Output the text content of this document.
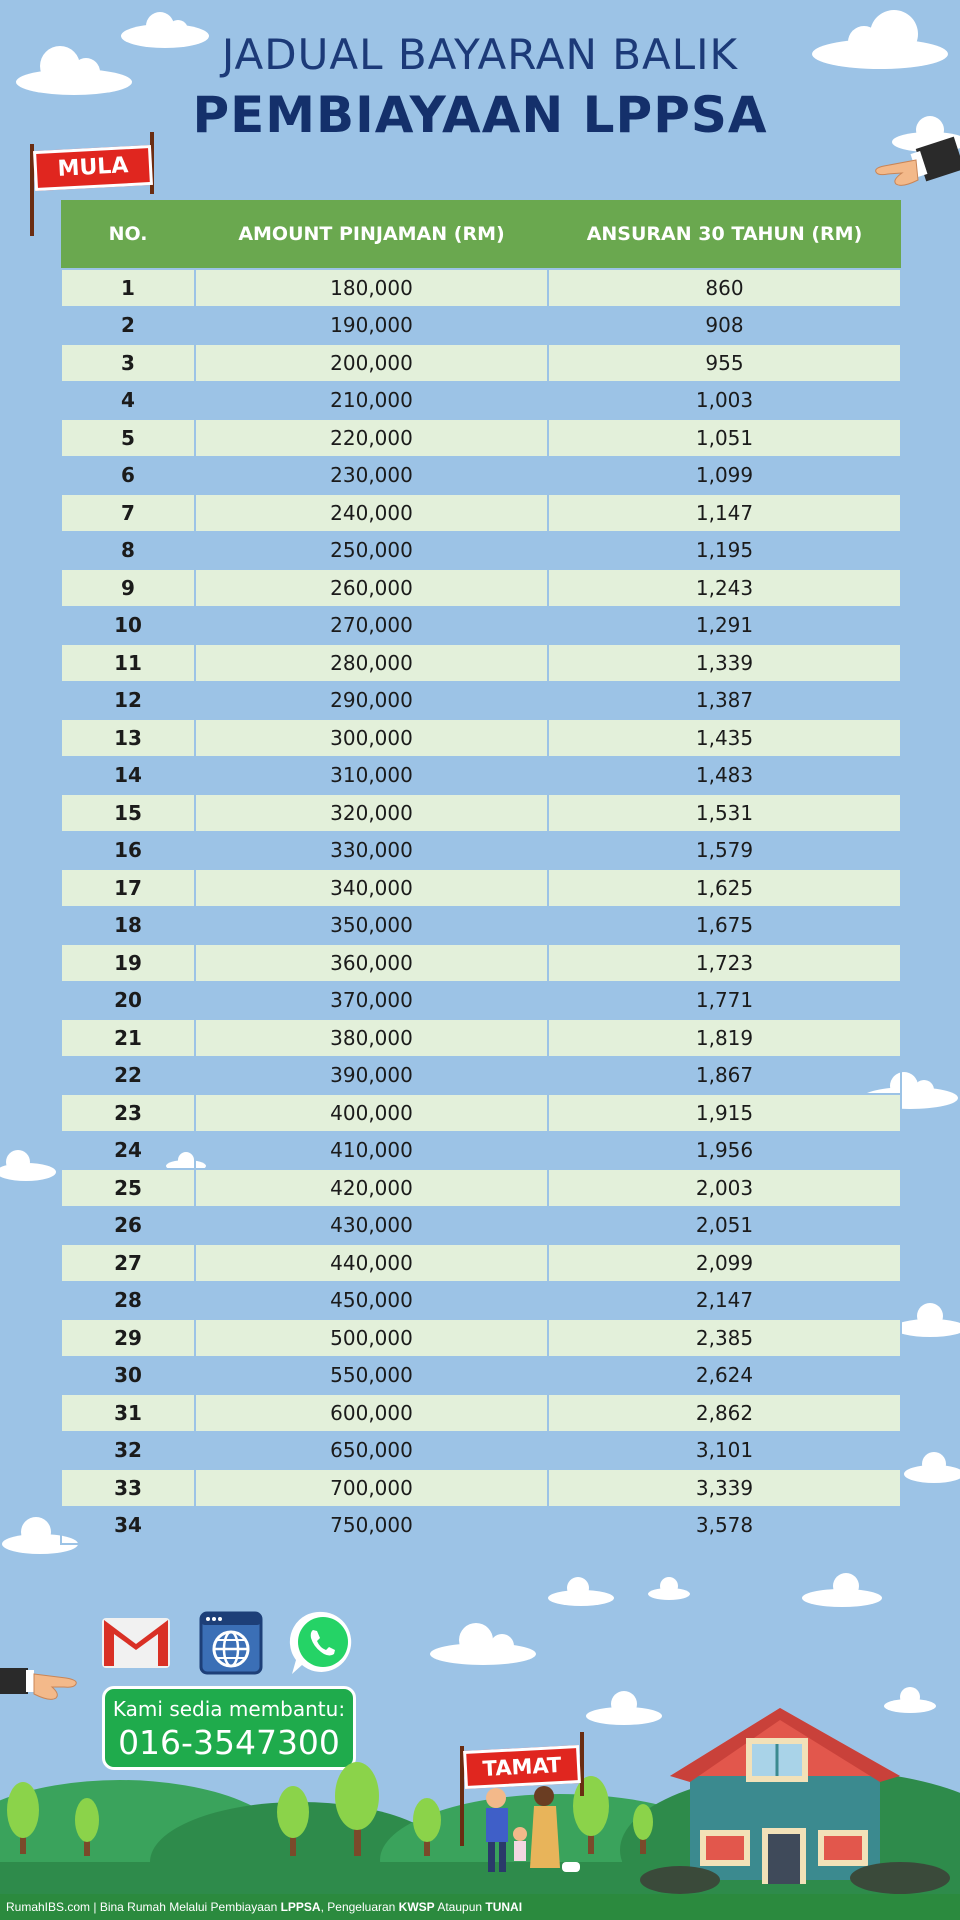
JADUAL BAYARAN BALIK
PEMBIAYAAN LPPSA
MULA
NO.	AMOUNT PINJAMAN (RM)	ANSURAN 30 TAHUN (RM)
1	180,000	860
2	190,000	908
3	200,000	955
4	210,000	1,003
5	220,000	1,051
6	230,000	1,099
7	240,000	1,147
8	250,000	1,195
9	260,000	1,243
10	270,000	1,291
11	280,000	1,339
12	290,000	1,387
13	300,000	1,435
14	310,000	1,483
15	320,000	1,531
16	330,000	1,579
17	340,000	1,625
18	350,000	1,675
19	360,000	1,723
20	370,000	1,771
21	380,000	1,819
22	390,000	1,867
23	400,000	1,915
24	410,000	1,956
25	420,000	2,003
26	430,000	2,051
27	440,000	2,099
28	450,000	2,147
29	500,000	2,385
30	550,000	2,624
31	600,000	2,862
32	650,000	3,101
33	700,000	3,339
34	750,000	3,578
Kami sedia membantu:
016-3547300
TAMAT
RumahIBS.com | Bina Rumah Melalui Pembiayaan LPPSA, Pengeluaran KWSP Ataupun TUNAI
